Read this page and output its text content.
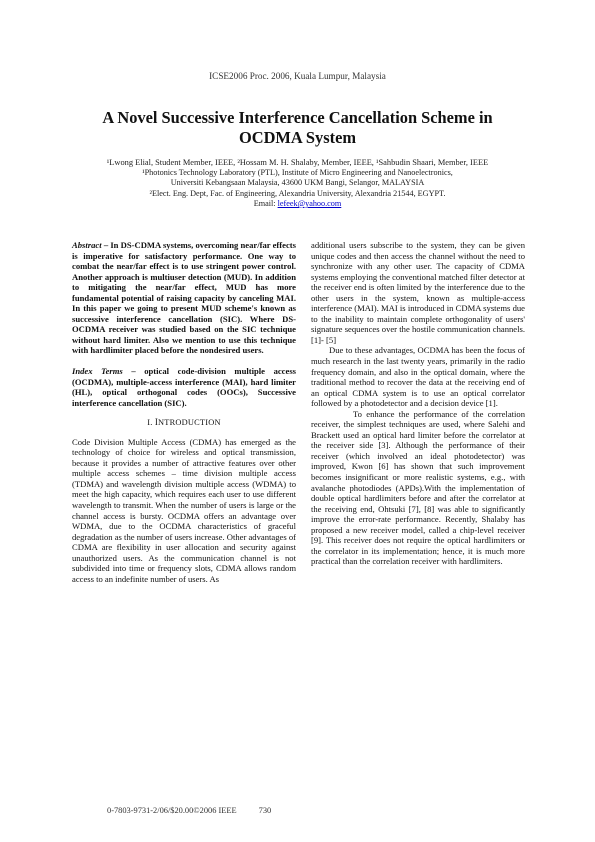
ICSE2006 Proc. 2006, Kuala Lumpur, Malaysia
A Novel Successive Interference Cancellation Scheme in
OCDMA System
¹Lwong Elial, Student Member, IEEE, ²Hossam M. H. Shalaby, Member, IEEE, ¹Sahbudin Shaari, Member, IEEE
¹Photonics Technology Laboratory (PTL), Institute of Micro Engineering and Nanoelectronics,
Universiti Kebangsaan Malaysia, 43600 UKM Bangi, Selangor, MALAYSIA
²Elect. Eng. Dept, Fac. of Engineering, Alexandria University, Alexandria 21544, EGYPT.
Email: lefeek@yahoo.com

Abstract – In DS-CDMA systems, overcoming near/far effects is imperative for satisfactory performance. One way to combat the near/far effect is to use stringent power control. Another approach is multiuser detection (MUD). In addition to mitigating the near/far effect, MUD has more fundamental potential of raising capacity by canceling MAI. In this paper we going to present MUD scheme's known as successive interference cancellation (SIC). Where DS-OCDMA receiver was studied based on the SIC technique without hard limiter. Also we mention to use this technique with hardlimiter placed before the nondesired users.

Index Terms – optical code-division multiple access (OCDMA), multiple-access interference (MAI), hard limiter (HL), optical orthogonal codes (OOCs), Successive interference cancellation (SIC).

I. INTRODUCTION

Code Division Multiple Access (CDMA) has emerged as the technology of choice for wireless and optical transmission, because it provides a number of attractive features over other multiple access schemes – time division multiple access (TDMA) and wavelength division multiple access (WDMA) to meet the high capacity, which requires each user to use different wavelength to transmit. When the number of users is large or the channel access is bursty. OCDMA offers an advantage over WDMA, due to the OCDMA characteristics of graceful degradation as the number of users increase. Other advantages of CDMA are flexibility in user allocation and security against unauthorized users. As the communication channel is not subdivided into time or frequency slots, CDMA allows random access to an indefinite number of users. As

additional users subscribe to the system, they can be given unique codes and then access the channel without the need to synchronize with any other user. The capacity of CDMA systems employing the conventional matched filter detector at the receiver end is often limited by the interference due to the other users in the system, known as multiple-access interference (MAI). MAI is introduced in CDMA systems due to the inability to maintain complete orthogonality of users' signature sequences over the hostile communication channels. [1]- [5]

Due to these advantages, OCDMA has been the focus of much research in the last twenty years, primarily in the radio frequency domain, and also in the optical domain, where the traditional method to recover the data at the receiving end of an optical CDMA system is to use an optical correlator followed by a photodetector and a decision device [1].

To enhance the performance of the correlation receiver, the simplest techniques are used, where Salehi and Brackett used an optical hard limiter before the correlator at the receiver side [3]. Although the performance of their receiver (which involved an ideal photodetector) was improved, Kwon [6] has shown that such improvement becomes insignificant or more realistic systems, e.g., with avalanche photodiodes (APDs).With the implementation of double optical hardlimiters before and after the correlator at the receiving end, Ohtsuki [7], [8] was able to significantly improve the error-rate performance. Recently, Shalaby has proposed a new receiver model, called a chip-level receiver [9]. This receiver does not require the optical hardlimiters or the correlator in its implementation; hence, it is much more practical than the correlation receiver with hardlimiters.

0-7803-9731-2/06/$20.00©2006 IEEE	730
